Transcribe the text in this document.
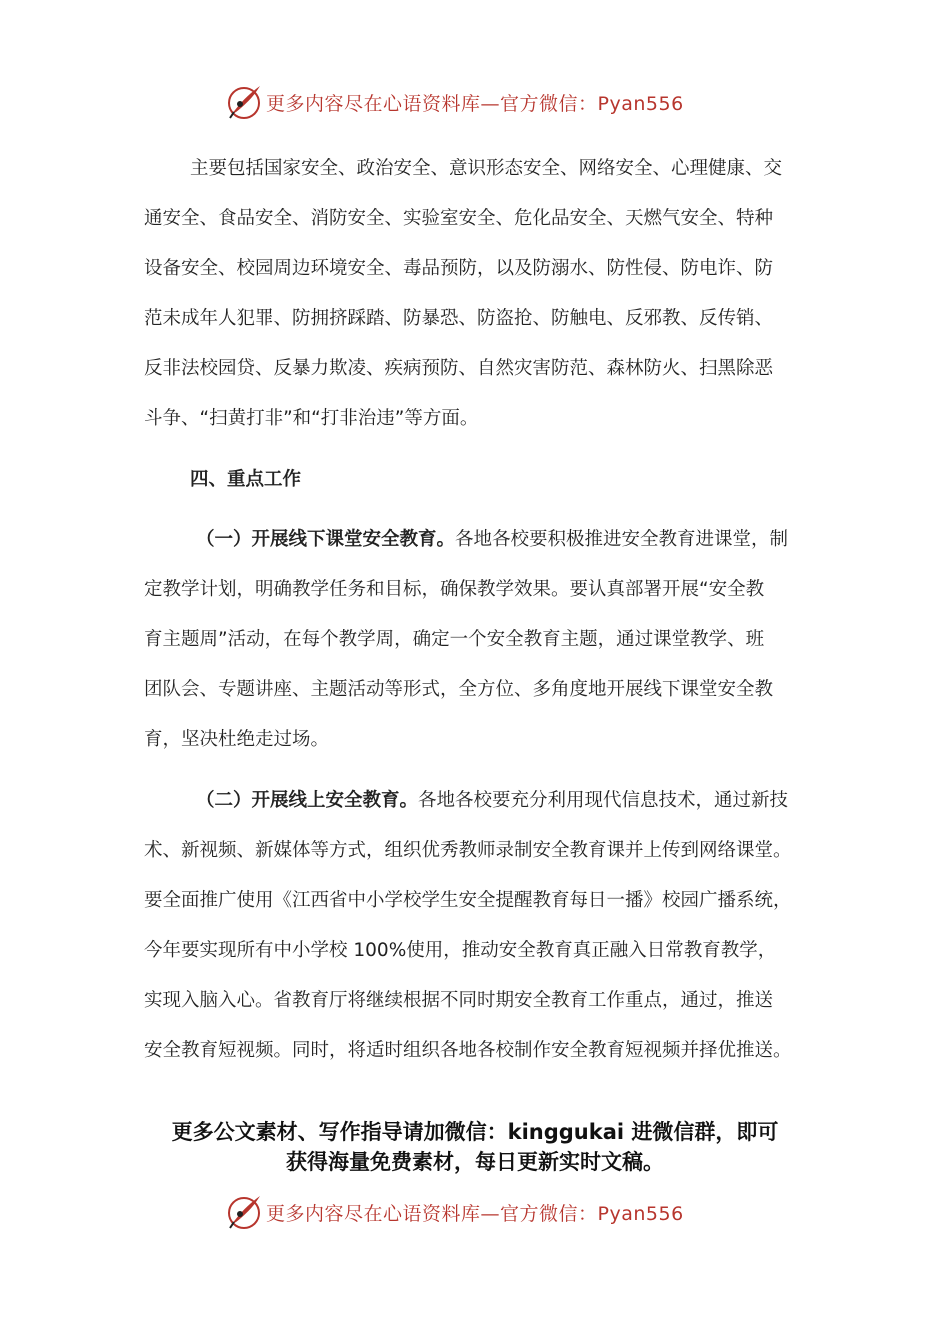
更多内容尽在心语资料库—官方微信：Pyan556
主要包括国家安全、政治安全、意识形态安全、网络安全、心理健康、交
通安全、食品安全、消防安全、实验室安全、危化品安全、天燃气安全、特种
设备安全、校园周边环境安全、毒品预防，以及防溺水、防性侵、防电诈、防
范未成年人犯罪、防拥挤踩踏、防暴恐、防盗抢、防触电、反邪教、反传销、
反非法校园贷、反暴力欺凌、疾病预防、自然灾害防范、森林防火、扫黑除恶
斗争、“扫黄打非”和“打非治违”等方面。
四、重点工作
（一）开展线下课堂安全教育。各地各校要积极推进安全教育进课堂，制
定教学计划，明确教学任务和目标，确保教学效果。要认真部署开展“安全教
育主题周”活动，在每个教学周，确定一个安全教育主题，通过课堂教学、班
团队会、专题讲座、主题活动等形式，全方位、多角度地开展线下课堂安全教
育，坚决杜绝走过场。
（二）开展线上安全教育。各地各校要充分利用现代信息技术，通过新技
术、新视频、新媒体等方式，组织优秀教师录制安全教育课并上传到网络课堂。
要全面推广使用《江西省中小学校学生安全提醒教育每日一播》校园广播系统，
今年要实现所有中小学校 100%使用，推动安全教育真正融入日常教育教学，
实现入脑入心。省教育厅将继续根据不同时期安全教育工作重点，通过，推送
安全教育短视频。同时，将适时组织各地各校制作安全教育短视频并择优推送。
更多公文素材、写作指导请加微信：kinggukai 进微信群，即可
获得海量免费素材，每日更新实时文稿。
更多内容尽在心语资料库—官方微信：Pyan556
